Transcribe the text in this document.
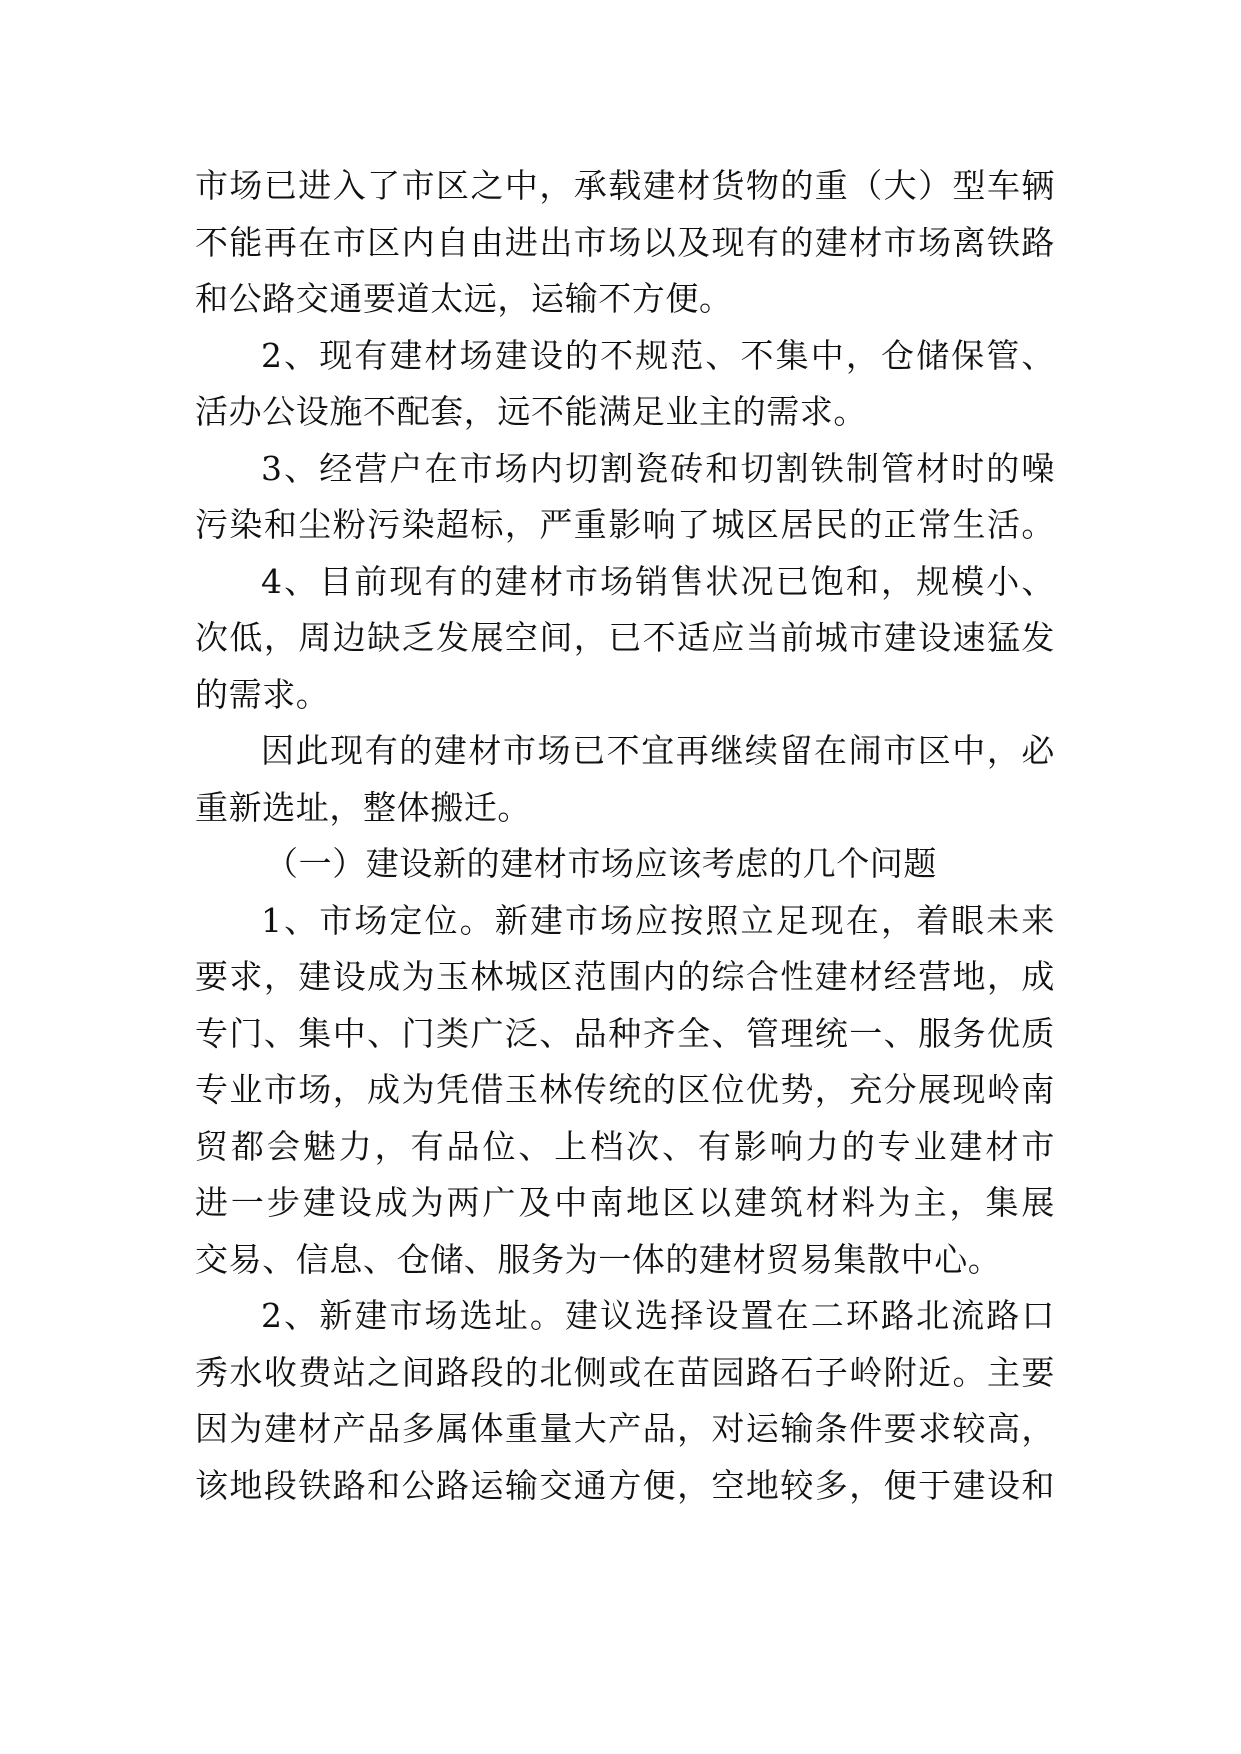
市场已进入了市区之中，承载建材货物的重（大）型车辆
不能再在市区内自由进出市场以及现有的建材市场离铁路
和公路交通要道太远，运输不方便。
2、现有建材场建设的不规范、不集中，仓储保管、
活办公设施不配套，远不能满足业主的需求。
3、经营户在市场内切割瓷砖和切割铁制管材时的噪
污染和尘粉污染超标，严重影响了城区居民的正常生活。
4、目前现有的建材市场销售状况已饱和，规模小、
次低，周边缺乏发展空间，已不适应当前城市建设速猛发
的需求。
因此现有的建材市场已不宜再继续留在闹市区中，必
重新选址，整体搬迁。
（一）建设新的建材市场应该考虑的几个问题
1、市场定位。新建市场应按照立足现在，着眼未来
要求，建设成为玉林城区范围内的综合性建材经营地，成
专门、集中、门类广泛、品种齐全、管理统一、服务优质
专业市场，成为凭借玉林传统的区位优势，充分展现岭南
贸都会魅力，有品位、上档次、有影响力的专业建材市
进一步建设成为两广及中南地区以建筑材料为主，集展
交易、信息、仓储、服务为一体的建材贸易集散中心。
2、新建市场选址。建议选择设置在二环路北流路口
秀水收费站之间路段的北侧或在苗园路石子岭附近。主要
因为建材产品多属体重量大产品，对运输条件要求较高，
该地段铁路和公路运输交通方便，空地较多，便于建设和
